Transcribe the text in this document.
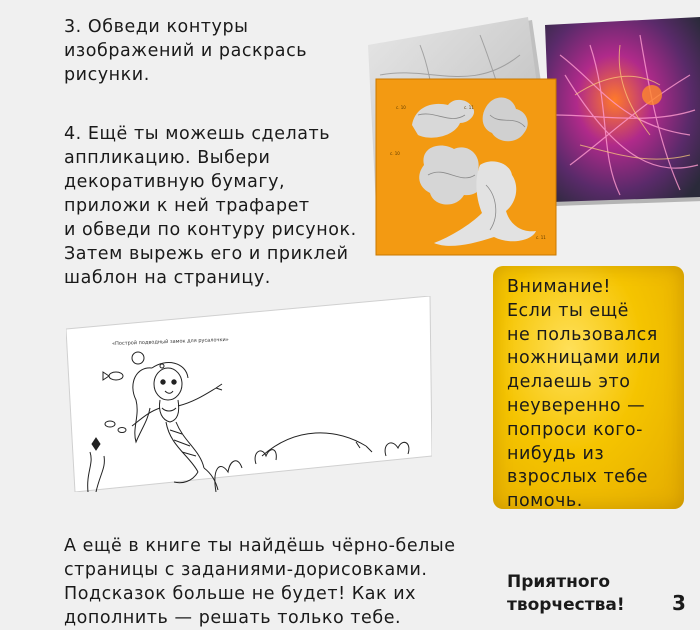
3. Обведи контуры
изображений и раскрась
рисунки.

4. Ещё ты можешь сделать
аппликацию. Выбери
декоративную бумагу,
приложи к ней трафарет
и обведи по контуру рисунок.
Затем вырежь его и приклей
шаблон на страницу.

с. 10	с. 11
с. 10
с. 11
«Построй подводный замок для русалочки»

Внимание!
Если ты ещё
не пользовался
ножницами или
делаешь это
неуверенно —
попроси кого-
нибудь из
взрослых тебе
помочь.

А ещё в книге ты найдёшь чёрно-белые
страницы с заданиями-дорисовками.
Подсказок больше не будет! Как их
дополнить — решать только тебе.

Приятного
творчества! 3
